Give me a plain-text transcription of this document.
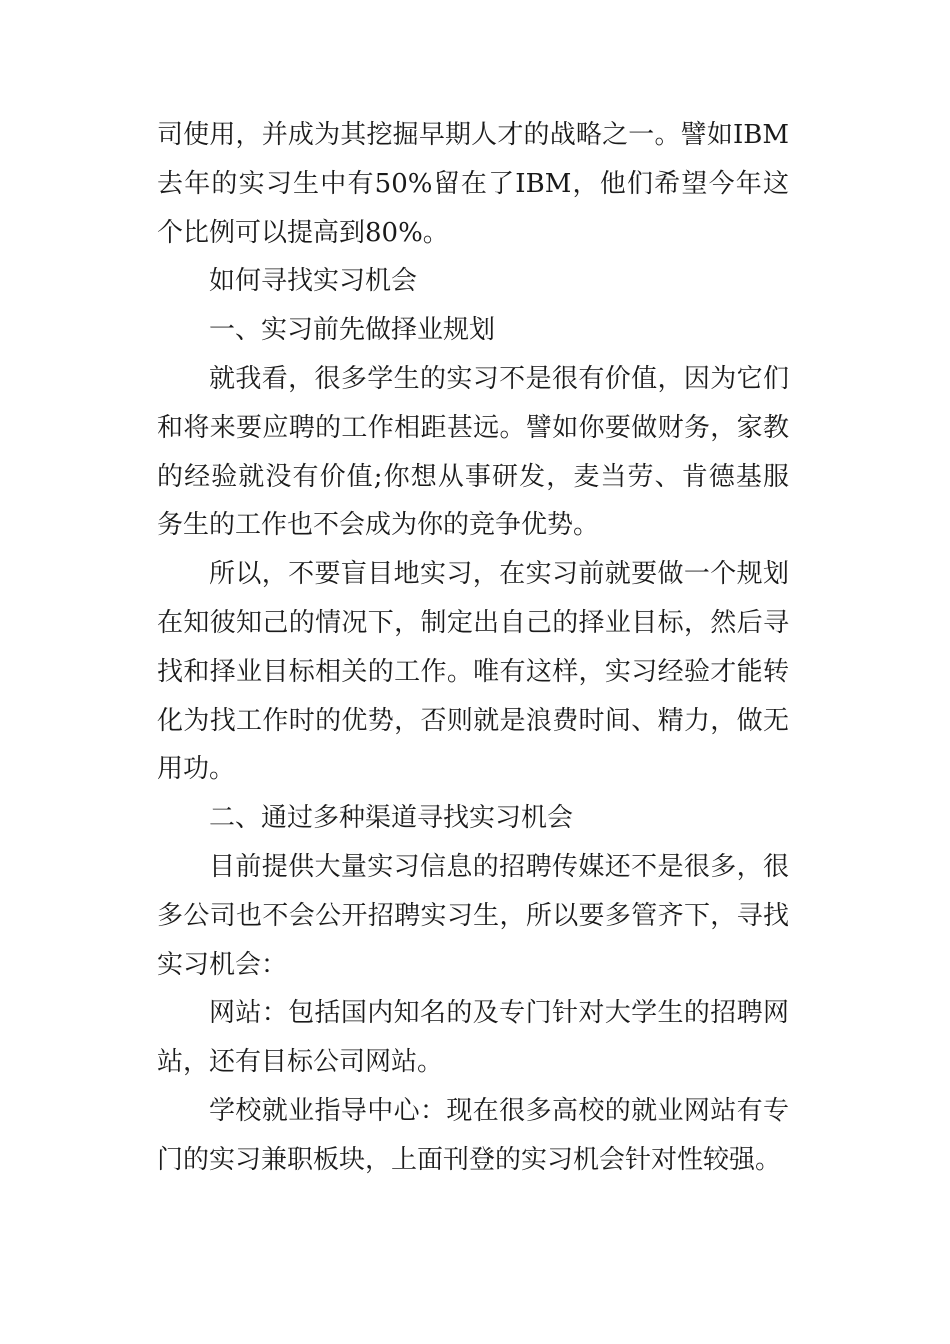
司使用，并成为其挖掘早期人才的战略之一。譬如IBM去年的实习生中有50%留在了IBM，他们希望今年这个比例可以提高到80%。

如何寻找实习机会

一、实习前先做择业规划

就我看，很多学生的实习不是很有价值，因为它们和将来要应聘的工作相距甚远。譬如你要做财务，家教的经验就没有价值;你想从事研发，麦当劳、肯德基服务生的工作也不会成为你的竞争优势。

所以，不要盲目地实习，在实习前就要做一个规划在知彼知己的情况下，制定出自己的择业目标，然后寻找和择业目标相关的工作。唯有这样，实习经验才能转化为找工作时的优势，否则就是浪费时间、精力，做无用功。

二、通过多种渠道寻找实习机会

目前提供大量实习信息的招聘传媒还不是很多，很多公司也不会公开招聘实习生，所以要多管齐下，寻找实习机会：

网站：包括国内知名的及专门针对大学生的招聘网站，还有目标公司网站。

学校就业指导中心：现在很多高校的就业网站有专门的实习兼职板块，上面刊登的实习机会针对性较强。
